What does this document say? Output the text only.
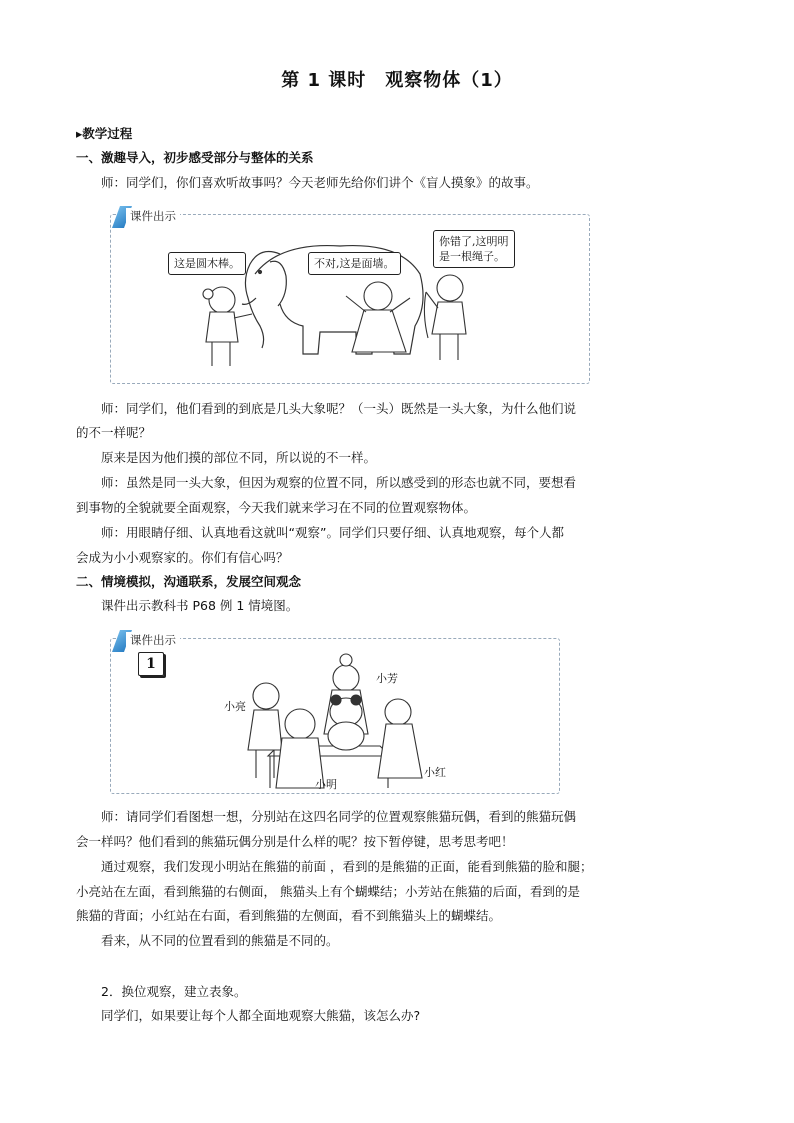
第 1 课时　观察物体（1）
▸教学过程
一、激趣导入，初步感受部分与整体的关系
师：同学们，你们喜欢听故事吗？今天老师先给你们讲个《盲人摸象》的故事。
课件出示
这是圆木棒。	不对,这是面墙。
你错了,这明明
是一根绳子。
师：同学们，他们看到的到底是几头大象呢？（一头）既然是一头大象，为什么他们说
的不一样呢？
原来是因为他们摸的部位不同，所以说的不一样。
师：虽然是同一头大象，但因为观察的位置不同，所以感受到的形态也就不同，要想看
到事物的全貌就要全面观察，今天我们就来学习在不同的位置观察物体。
师：用眼睛仔细、认真地看这就叫“观察”。同学们只要仔细、认真地观察，每个人都
会成为小小观察家的。你们有信心吗？
二、情境模拟，沟通联系，发展空间观念
课件出示教科书 P68 例 1 情境图。
课件出示
1
小芳
小亮
小明
小红
师：请同学们看图想一想，分别站在这四名同学的位置观察熊猫玩偶，看到的熊猫玩偶
会一样吗？他们看到的熊猫玩偶分别是什么样的呢？按下暂停键，思考思考吧！
通过观察，我们发现小明站在熊猫的前面 ，看到的是熊猫的正面，能看到熊猫的脸和腿；
小亮站在左面，看到熊猫的右侧面， 熊猫头上有个蝴蝶结；小芳站在熊猫的后面，看到的是
熊猫的背面；小红站在右面，看到熊猫的左侧面，看不到熊猫头上的蝴蝶结。
看来，从不同的位置看到的熊猫是不同的。
2．换位观察，建立表象。
同学们，如果要让每个人都全面地观察大熊猫，该怎么办?
